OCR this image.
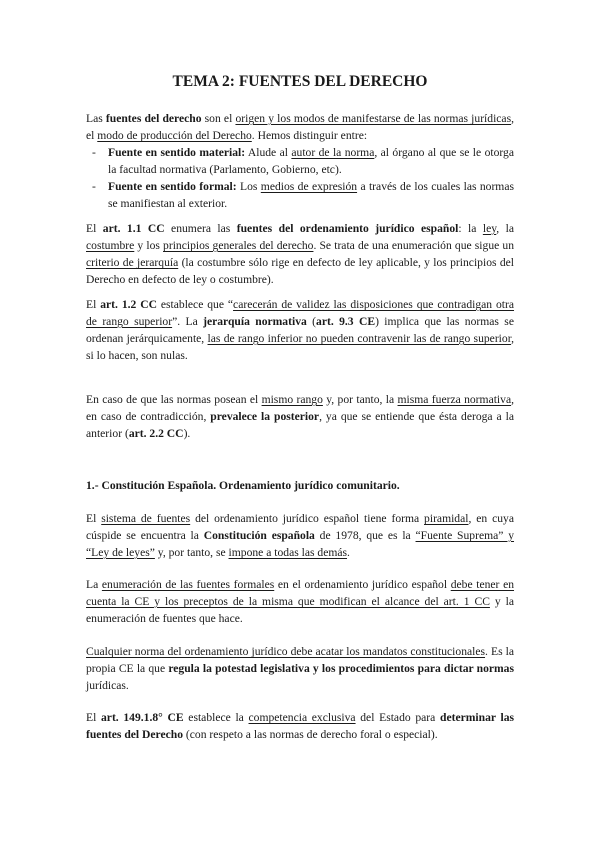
TEMA 2: FUENTES DEL DERECHO
Las fuentes del derecho son el origen y los modos de manifestarse de las normas jurídicas, el modo de producción del Derecho. Hemos distinguir entre:
- Fuente en sentido material: Alude al autor de la norma, al órgano al que se le otorga la facultad normativa (Parlamento, Gobierno, etc).
- Fuente en sentido formal: Los medios de expresión a través de los cuales las normas se manifiestan al exterior.
El art. 1.1 CC enumera las fuentes del ordenamiento jurídico español: la ley, la costumbre y los principios generales del derecho. Se trata de una enumeración que sigue un criterio de jerarquía (la costumbre sólo rige en defecto de ley aplicable, y los principios del Derecho en defecto de ley o costumbre).
El art. 1.2 CC establece que “carecerán de validez las disposiciones que contradigan otra de rango superior”. La jerarquía normativa (art. 9.3 CE) implica que las normas se ordenan jerárquicamente, las de rango inferior no pueden contravenir las de rango superior, si lo hacen, son nulas.
En caso de que las normas posean el mismo rango y, por tanto, la misma fuerza normativa, en caso de contradicción, prevalece la posterior, ya que se entiende que ésta deroga a la anterior (art. 2.2 CC).
1.- Constitución Española. Ordenamiento jurídico comunitario.
El sistema de fuentes del ordenamiento jurídico español tiene forma piramidal, en cuya cúspide se encuentra la Constitución española de 1978, que es la “Fuente Suprema” y “Ley de leyes” y, por tanto, se impone a todas las demás.
La enumeración de las fuentes formales en el ordenamiento jurídico español debe tener en cuenta la CE y los preceptos de la misma que modifican el alcance del art. 1 CC y la enumeración de fuentes que hace.
Cualquier norma del ordenamiento jurídico debe acatar los mandatos constitucionales. Es la propia CE la que regula la potestad legislativa y los procedimientos para dictar normas jurídicas.
El art. 149.1.8° CE establece la competencia exclusiva del Estado para determinar las fuentes del Derecho (con respeto a las normas de derecho foral o especial).
